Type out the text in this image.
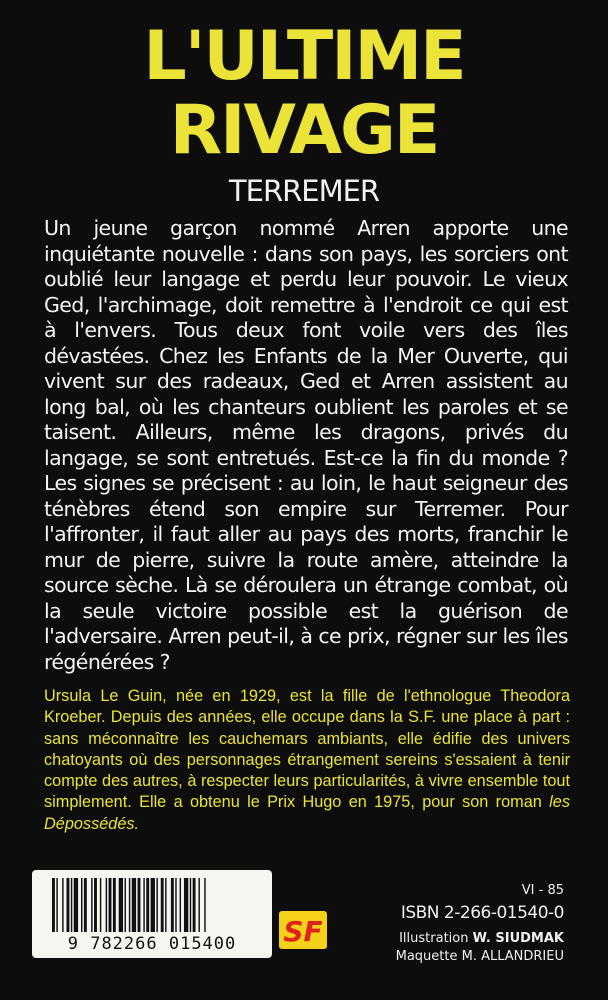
L'ULTIME
RIVAGE
TERREMER
Un jeune garçon nommé Arren apporte une inquiétante nouvelle : dans son pays, les sorciers ont oublié leur langage et perdu leur pouvoir. Le vieux Ged, l'archimage, doit remettre à l'endroit ce qui est à l'envers. Tous deux font voile vers des îles dévastées. Chez les Enfants de la Mer Ouverte, qui vivent sur des radeaux, Ged et Arren assistent au long bal, où les chanteurs oublient les paroles et se taisent. Ailleurs, même les dragons, privés du langage, se sont entretués. Est-ce la fin du monde ? Les signes se précisent : au loin, le haut seigneur des ténèbres étend son empire sur Terremer. Pour l'affronter, il faut aller au pays des morts, franchir le mur de pierre, suivre la route amère, atteindre la source sèche. Là se déroulera un étrange combat, où la seule victoire possible est la guérison de l'adversaire. Arren peut-il, à ce prix, régner sur les îles régénérées ?
Ursula Le Guin, née en 1929, est la fille de l'ethnologue Theodora Kroeber. Depuis des années, elle occupe dans la S.F. une place à part : sans méconnaître les cauchemars ambiants, elle édifie des univers chatoyants où des personnages étrangement sereins s'essaient à tenir compte des autres, à respecter leurs particularités, à vivre ensemble tout simplement. Elle a obtenu le Prix Hugo en 1975, pour son roman les Dépossédés.
9 782266 015400	SF
VI - 85
ISBN 2-266-01540-0
Illustration W. SIUDMAK
Maquette M. ALLANDRIEU
